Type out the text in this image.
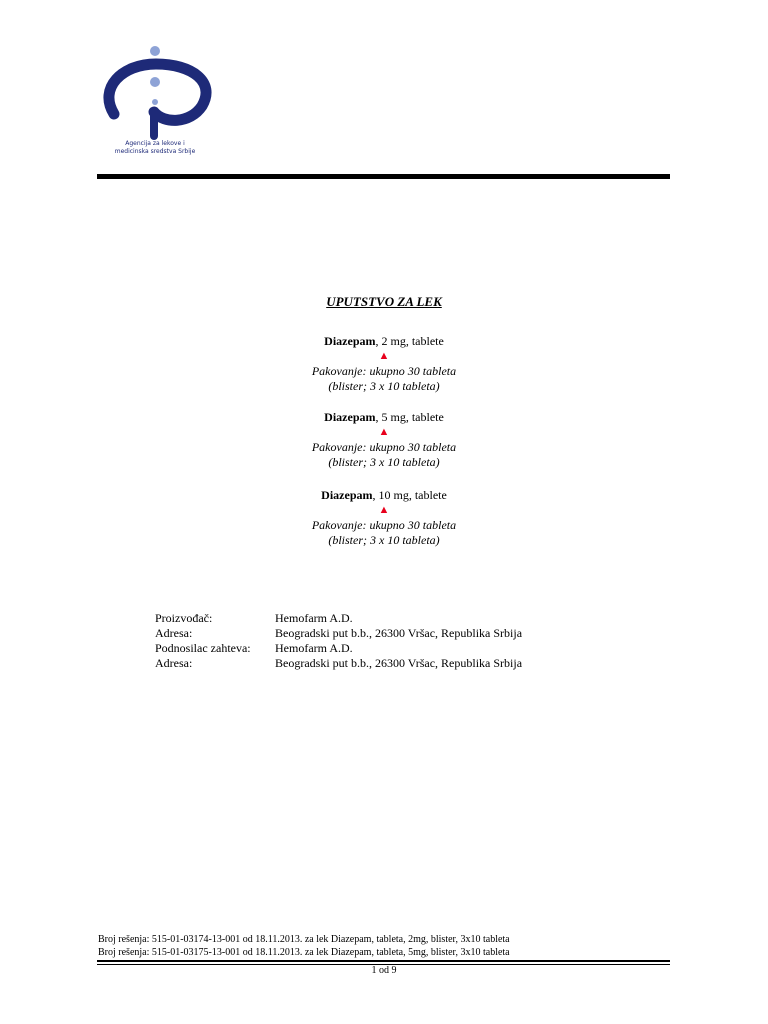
Agencija za lekove i
medicinska sredstva Srbije
UPUTSTVO ZA LEK
Diazepam, 2 mg, tablete
▲
Pakovanje: ukupno 30 tableta
(blister; 3 x 10 tableta)
Diazepam, 5 mg, tablete
▲
Pakovanje: ukupno 30 tableta
(blister; 3 x 10 tableta)
Diazepam, 10 mg, tablete
▲
Pakovanje: ukupno 30 tableta
(blister; 3 x 10 tableta)
Proizvođač:	Hemofarm A.D.
Adresa:	Beogradski put b.b., 26300 Vršac, Republika Srbija
Podnosilac zahteva:	Hemofarm A.D.
Adresa:	Beogradski put b.b., 26300 Vršac, Republika Srbija
Broj rešenja: 515-01-03174-13-001 od 18.11.2013. za lek Diazepam, tableta, 2mg, blister, 3x10 tableta
Broj rešenja: 515-01-03175-13-001 od 18.11.2013. za lek Diazepam, tableta, 5mg, blister, 3x10 tableta
1 od 9
